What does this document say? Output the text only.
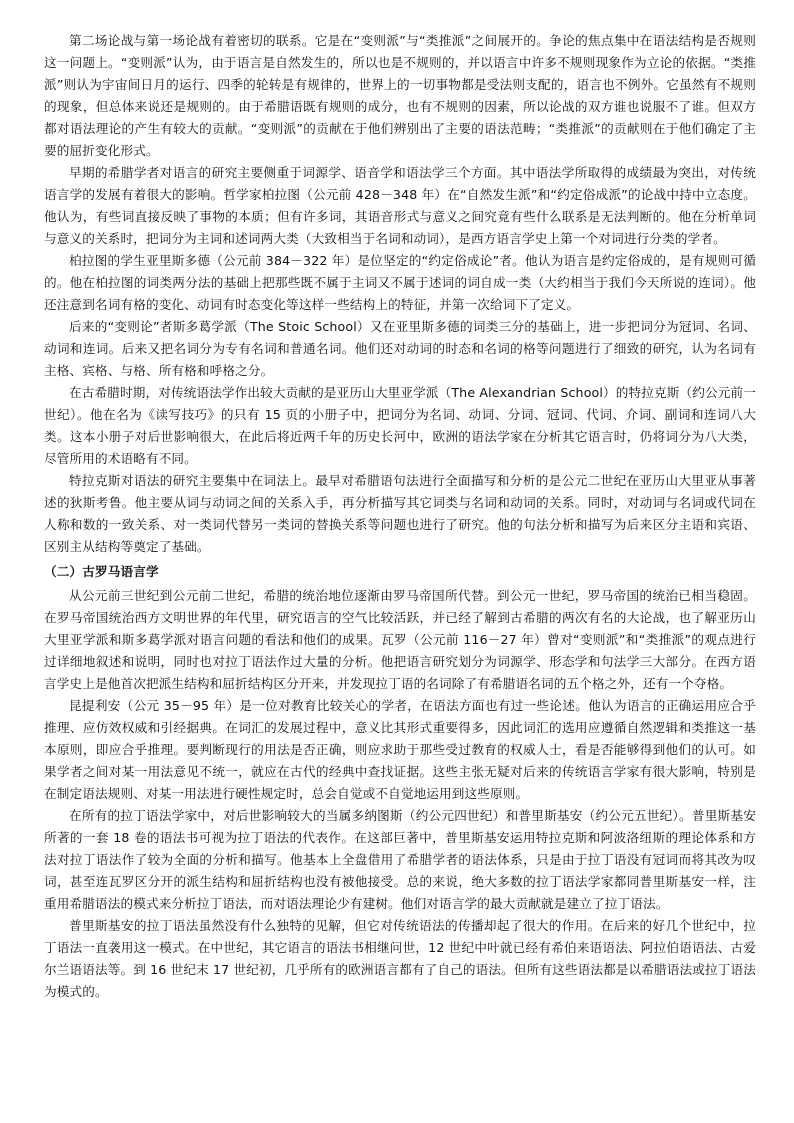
第二场论战与第一场论战有着密切的联系。它是在“变则派”与“类推派”之间展开的。争论的焦点集中在语法结构是否规则这一问题上。“变则派”认为，由于语言是自然发生的，所以也是不规则的，并以语言中许多不规则现象作为立论的依据。“类推派”则认为宇宙间日月的运行、四季的轮转是有规律的，世界上的一切事物都是受法则支配的，语言也不例外。它虽然有不规则的现象，但总体来说还是规则的。由于希腊语既有规则的成分，也有不规则的因素，所以论战的双方谁也说服不了谁。但双方都对语法理论的产生有较大的贡献。“变则派”的贡献在于他们辨别出了主要的语法范畴；“类推派”的贡献则在于他们确定了主要的屈折变化形式。

早期的希腊学者对语言的研究主要侧重于词源学、语音学和语法学三个方面。其中语法学所取得的成绩最为突出，对传统语言学的发展有着很大的影响。哲学家柏拉图（公元前 428－348 年）在“自然发生派”和“约定俗成派”的论战中持中立态度。他认为，有些词直接反映了事物的本质；但有许多词，其语音形式与意义之间究竟有些什么联系是无法判断的。他在分析单词与意义的关系时，把词分为主词和述词两大类（大致相当于名词和动词），是西方语言学史上第一个对词进行分类的学者。

柏拉图的学生亚里斯多德（公元前 384－322 年）是位坚定的“约定俗成论”者。他认为语言是约定俗成的，是有规则可循的。他在柏拉图的词类两分法的基础上把那些既不属于主词又不属于述词的词自成一类（大约相当于我们今天所说的连词）。他还注意到名词有格的变化、动词有时态变化等这样一些结构上的特征，并第一次给词下了定义。

后来的“变则论”者斯多葛学派（The Stoic School）又在亚里斯多德的词类三分的基础上，进一步把词分为冠词、名词、动词和连词。后来又把名词分为专有名词和普通名词。他们还对动词的时态和名词的格等问题进行了细致的研究，认为名词有主格、宾格、与格、所有格和呼格之分。

在古希腊时期，对传统语法学作出较大贡献的是亚历山大里亚学派（The Alexandrian School）的特拉克斯（约公元前一世纪）。他在名为《读写技巧》的只有 15 页的小册子中，把词分为名词、动词、分词、冠词、代词、介词、副词和连词八大类。这本小册子对后世影响很大，在此后将近两千年的历史长河中，欧洲的语法学家在分析其它语言时，仍将词分为八大类，尽管所用的术语略有不同。

特拉克斯对语法的研究主要集中在词法上。最早对希腊语句法进行全面描写和分析的是公元二世纪在亚历山大里亚从事著述的狄斯考鲁。他主要从词与动词之间的关系入手，再分析描写其它词类与名词和动词的关系。同时，对动词与名词或代词在人称和数的一致关系、对一类词代替另一类词的替换关系等问题也进行了研究。他的句法分析和描写为后来区分主语和宾语、区别主从结构等奠定了基础。

（二）古罗马语言学

从公元前三世纪到公元前二世纪，希腊的统治地位逐渐由罗马帝国所代替。到公元一世纪，罗马帝国的统治已相当稳固。在罗马帝国统治西方文明世界的年代里，研究语言的空气比较活跃，并已经了解到古希腊的两次有名的大论战，也了解亚历山大里亚学派和斯多葛学派对语言问题的看法和他们的成果。瓦罗（公元前 116－27 年）曾对“变则派”和“类推派”的观点进行过详细地叙述和说明，同时也对拉丁语法作过大量的分析。他把语言研究划分为词源学、形态学和句法学三大部分。在西方语言学史上是他首次把派生结构和屈折结构区分开来，并发现拉丁语的名词除了有希腊语名词的五个格之外，还有一个夺格。

昆提利安（公元 35－95 年）是一位对教育比较关心的学者，在语法方面也有过一些论述。他认为语言的正确运用应合乎推理、应仿效权威和引经据典。在词汇的发展过程中，意义比其形式重要得多，因此词汇的选用应遵循自然逻辑和类推这一基本原则，即应合乎推理。要判断现行的用法是否正确，则应求助于那些受过教育的权威人士，看是否能够得到他们的认可。如果学者之间对某一用法意见不统一，就应在古代的经典中查找证据。这些主张无疑对后来的传统语言学家有很大影响，特别是在制定语法规则、对某一用法进行硬性规定时，总会自觉或不自觉地运用到这些原则。

在所有的拉丁语法学家中，对后世影响较大的当属多纳图斯（约公元四世纪）和普里斯基安（约公元五世纪）。普里斯基安所著的一套 18 卷的语法书可视为拉丁语法的代表作。在这部巨著中，普里斯基安运用特拉克斯和阿波洛纽斯的理论体系和方法对拉丁语法作了较为全面的分析和描写。他基本上全盘借用了希腊学者的语法体系，只是由于拉丁语没有冠词而将其改为叹词，甚至连瓦罗区分开的派生结构和屈折结构也没有被他接受。总的来说，绝大多数的拉丁语法学家都同普里斯基安一样，注重用希腊语法的模式来分析拉丁语法，而对语法理论少有建树。他们对语言学的最大贡献就是建立了拉丁语法。

普里斯基安的拉丁语法虽然没有什么独特的见解，但它对传统语法的传播却起了很大的作用。在后来的好几个世纪中，拉丁语法一直袭用这一模式。在中世纪，其它语言的语法书相继问世，12 世纪中叶就已经有希伯来语语法、阿拉伯语语法、古爱尔兰语语法等。到 16 世纪末 17 世纪初，几乎所有的欧洲语言都有了自己的语法。但所有这些语法都是以希腊语法或拉丁语法为模式的。
